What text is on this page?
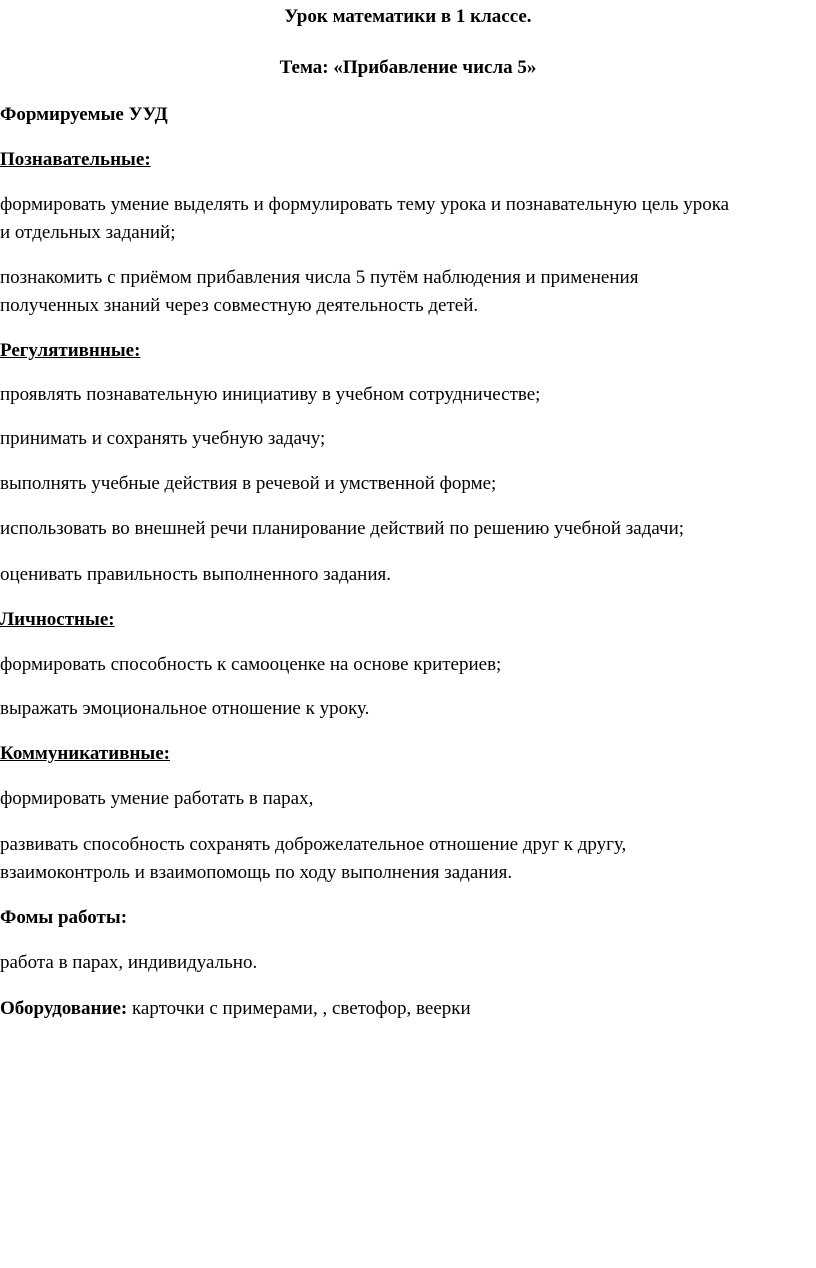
Урок математики в 1 классе.
Тема: «Прибавление числа 5»
Формируемые УУД
Познавательные:
формировать умение выделять и формулировать тему урока и познавательную цель урока
и отдельных заданий;
познакомить с приёмом прибавления числа 5 путём наблюдения и применения
полученных знаний через совместную деятельность детей.
Регулятивнные:
проявлять познавательную инициативу в учебном сотрудничестве;
принимать и сохранять учебную задачу;
выполнять учебные действия в речевой и умственной форме;
использовать во внешней речи планирование действий по решению учебной задачи;
оценивать правильность выполненного задания.
Личностные:
формировать способность к самооценке на основе критериев;
выражать эмоциональное отношение к уроку.
Коммуникативные:
формировать умение работать в парах,
развивать способность сохранять доброжелательное отношение друг к другу,
взаимоконтроль и взаимопомощь по ходу выполнения задания.
Фомы работы:
работа в парах, индивидуально.
Оборудование: карточки с примерами, , светофор, веерки
